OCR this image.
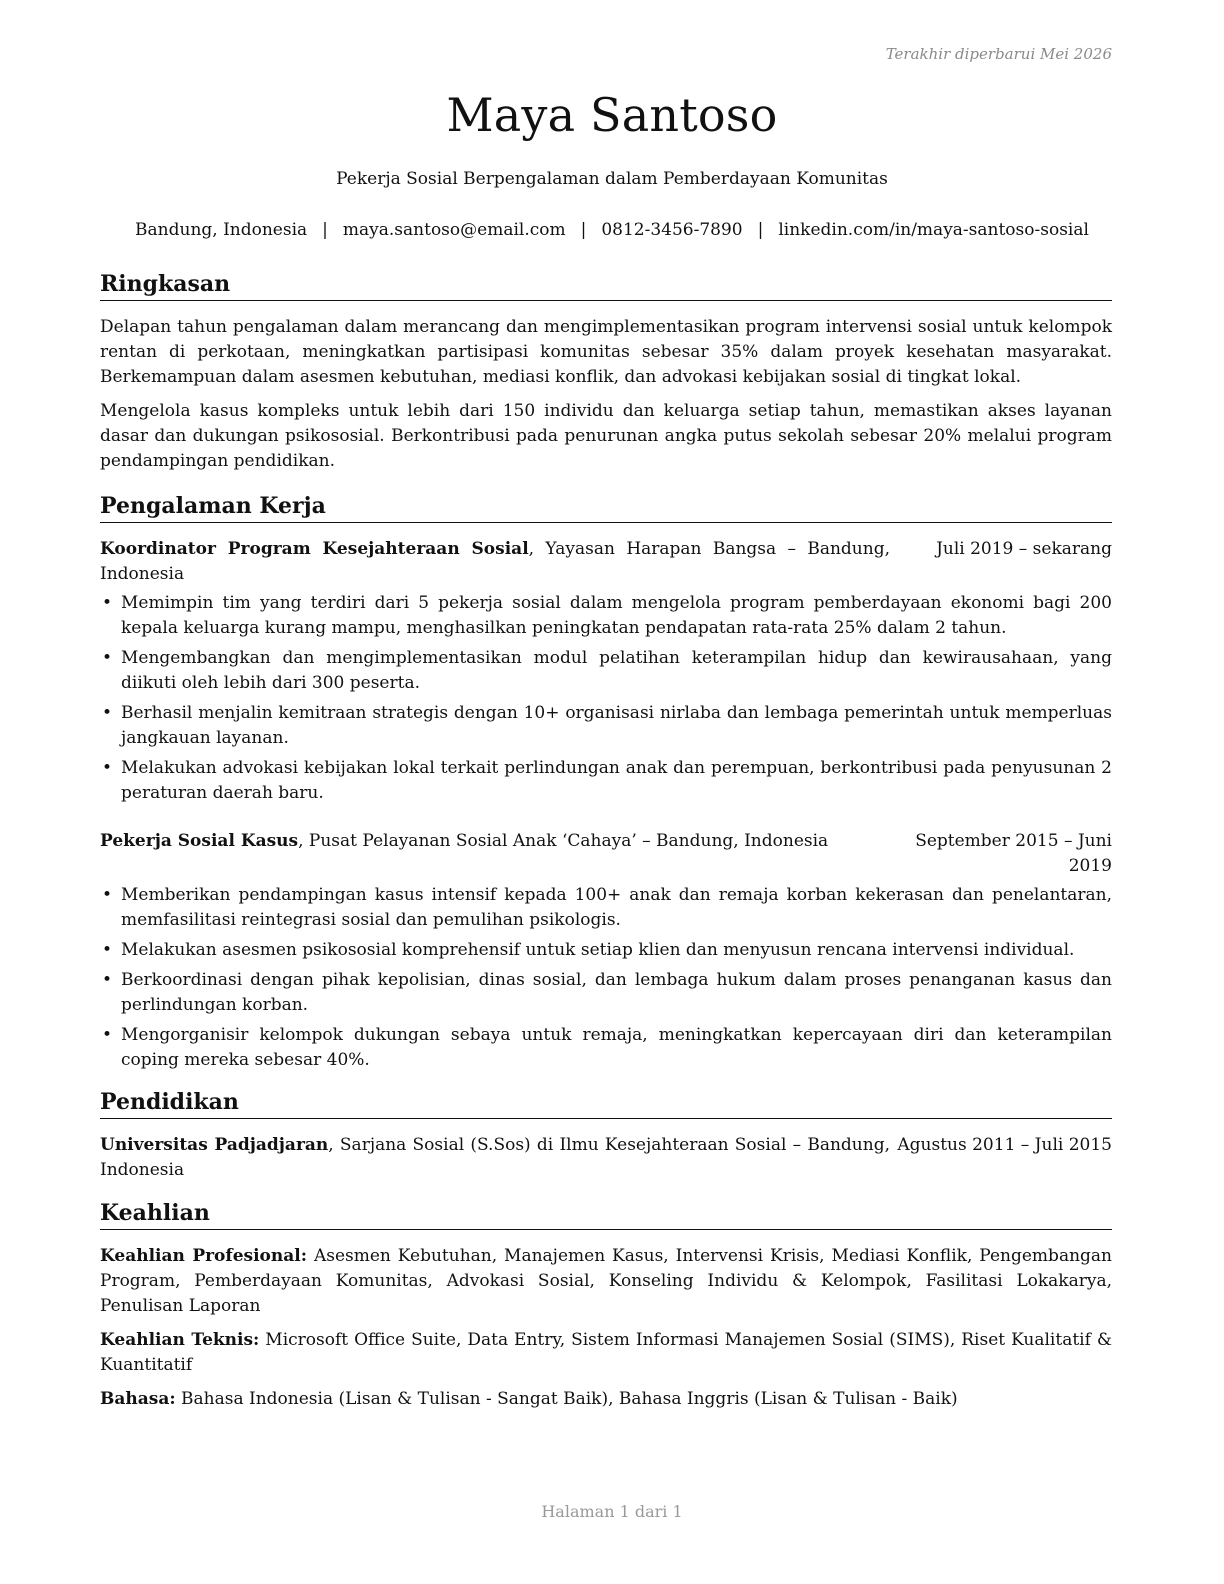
Terakhir diperbarui Mei 2026
Maya Santoso
Pekerja Sosial Berpengalaman dalam Pemberdayaan Komunitas
Bandung, Indonesia | maya.santoso@email.com | 0812-3456-7890 | linkedin.com/in/maya-santoso-sosial
Ringkasan

Delapan tahun pengalaman dalam merancang dan mengimplementasikan program intervensi sosial untuk kelompok rentan di perkotaan, meningkatkan partisipasi komunitas sebesar 35% dalam proyek kesehatan masyarakat. Berkemampuan dalam asesmen kebutuhan, mediasi konflik, dan advokasi kebijakan sosial di tingkat lokal.

Mengelola kasus kompleks untuk lebih dari 150 individu dan keluarga setiap tahun, memastikan akses layanan dasar dan dukungan psikososial. Berkontribusi pada penurunan angka putus sekolah sebesar 20% melalui program pendampingan pendidikan.

Pengalaman Kerja
Koordinator Program Kesejahteraan Sosial, Yayasan Harapan Bangsa – Bandung, Indonesia
Juli 2019 – sekarang
• Memimpin tim yang terdiri dari 5 pekerja sosial dalam mengelola program pemberdayaan ekonomi bagi 200 kepala keluarga kurang mampu, menghasilkan peningkatan pendapatan rata-rata 25% dalam 2 tahun.
• Mengembangkan dan mengimplementasikan modul pelatihan keterampilan hidup dan kewirausahaan, yang diikuti oleh lebih dari 300 peserta.
• Berhasil menjalin kemitraan strategis dengan 10+ organisasi nirlaba dan lembaga pemerintah untuk memperluas jangkauan layanan.
• Melakukan advokasi kebijakan lokal terkait perlindungan anak dan perempuan, berkontribusi pada penyusunan 2 peraturan daerah baru.
Pekerja Sosial Kasus, Pusat Pelayanan Sosial Anak ‘Cahaya’ – Bandung, Indonesia	September 2015 – Juni 2019
• Memberikan pendampingan kasus intensif kepada 100+ anak dan remaja korban kekerasan dan penelantaran, memfasilitasi reintegrasi sosial dan pemulihan psikologis.
• Melakukan asesmen psikososial komprehensif untuk setiap klien dan menyusun rencana intervensi individual.
• Berkoordinasi dengan pihak kepolisian, dinas sosial, dan lembaga hukum dalam proses penanganan kasus dan perlindungan korban.
• Mengorganisir kelompok dukungan sebaya untuk remaja, meningkatkan kepercayaan diri dan keterampilan coping mereka sebesar 40%.
Pendidikan
Universitas Padjadjaran, Sarjana Sosial (S.Sos) di Ilmu Kesejahteraan Sosial – Bandung, Indonesia
Agustus 2011 – Juli 2015
Keahlian

Keahlian Profesional: Asesmen Kebutuhan, Manajemen Kasus, Intervensi Krisis, Mediasi Konflik, Pengembangan Program, Pemberdayaan Komunitas, Advokasi Sosial, Konseling Individu & Kelompok, Fasilitasi Lokakarya, Penulisan Laporan

Keahlian Teknis: Microsoft Office Suite, Data Entry, Sistem Informasi Manajemen Sosial (SIMS), Riset Kualitatif & Kuantitatif

Bahasa: Bahasa Indonesia (Lisan & Tulisan - Sangat Baik), Bahasa Inggris (Lisan & Tulisan - Baik)

Halaman 1 dari 1
